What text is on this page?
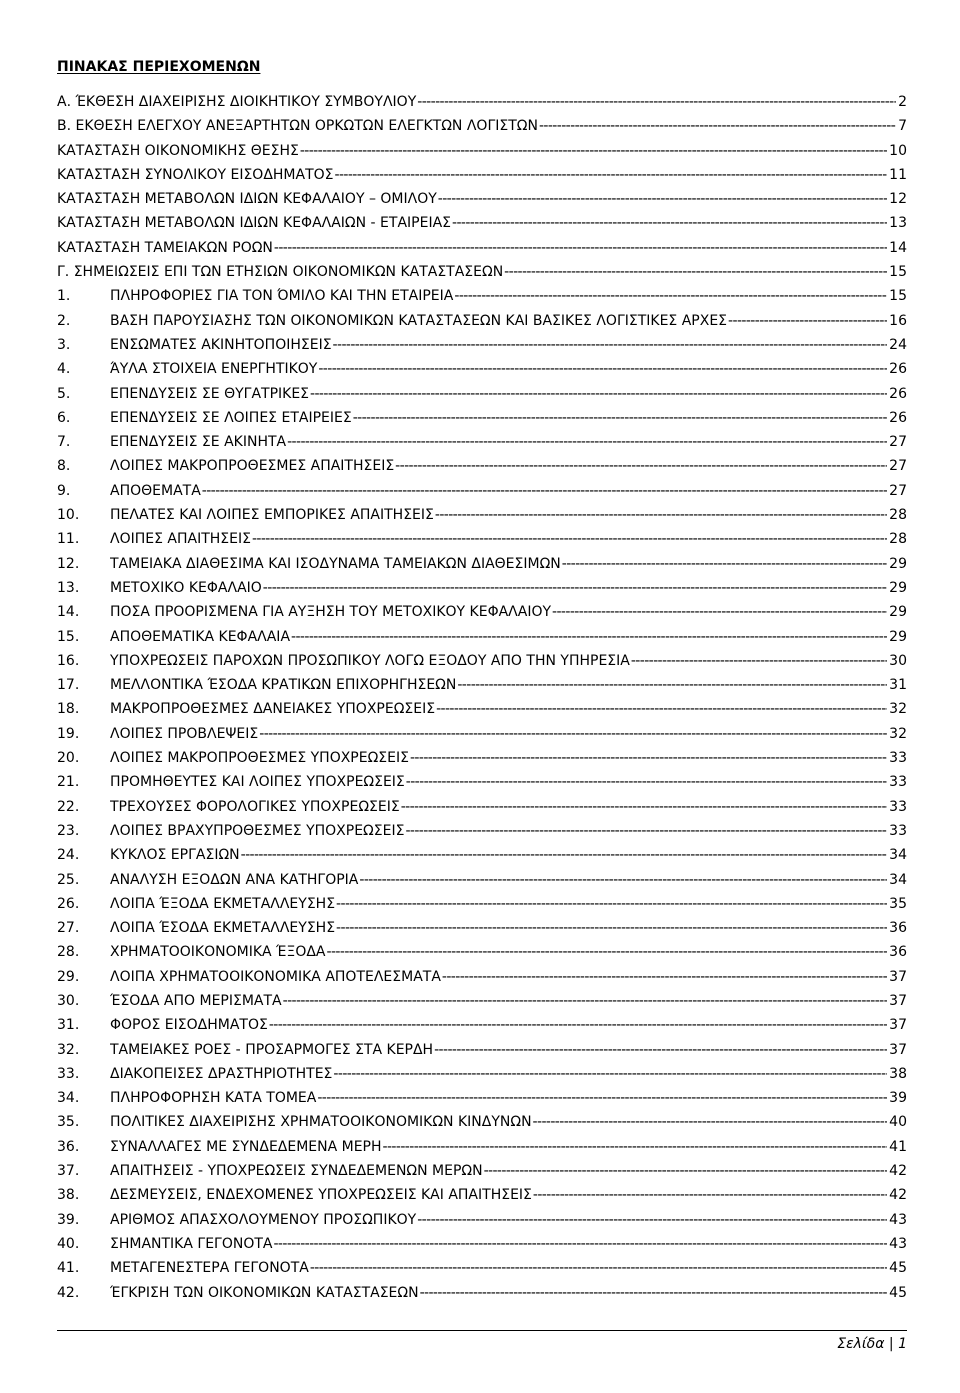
ΠΙΝΑΚΑΣ ΠΕΡΙΕΧΟΜΕΝΩΝ
Α. ΈΚΘΕΣΗ ΔΙΑΧΕΙΡΙΣΗΣ ΔΙΟΙΚΗΤΙΚΟΥ ΣΥΜΒΟΥΛΙΟΥ -----	2
Β. ΕΚΘΕΣΗ ΕΛΕΓΧΟΥ ΑΝΕΞΑΡΤΗΤΩΝ ΟΡΚΩΤΩΝ ΕΛΕΓΚΤΩΝ ΛΟΓΙΣΤΩΝ -----	7
ΚΑΤΑΣΤΑΣΗ ΟΙΚΟΝΟΜΙΚΗΣ ΘΕΣΗΣ -----	10
ΚΑΤΑΣΤΑΣΗ ΣΥΝΟΛΙΚΟΥ ΕΙΣΟΔΗΜΑΤΟΣ -----	11
ΚΑΤΑΣΤΑΣΗ ΜΕΤΑΒΟΛΩΝ ΙΔΙΩΝ ΚΕΦΑΛΑΙΟΥ – ΟΜΙΛΟΥ -----	12
ΚΑΤΑΣΤΑΣΗ ΜΕΤΑΒΟΛΩΝ ΙΔΙΩΝ ΚΕΦΑΛΑΙΩΝ - ΕΤΑΙΡΕΙΑΣ -----	13
ΚΑΤΑΣΤΑΣΗ ΤΑΜΕΙΑΚΩΝ ΡΟΩΝ -----	14
Γ. ΣΗΜΕΙΩΣΕΙΣ ΕΠΙ ΤΩΝ ΕΤΗΣΙΩΝ ΟΙΚΟΝΟΜΙΚΩΝ ΚΑΤΑΣΤΑΣΕΩΝ -----	15
1.	ΠΛΗΡΟΦΟΡΙΕΣ ΓΙΑ ΤΟΝ ΌΜΙΛΟ ΚΑΙ ΤΗΝ ΕΤΑΙΡΕΙΑ -----	15
2.	ΒΑΣΗ ΠΑΡΟΥΣΙΑΣΗΣ ΤΩΝ ΟΙΚΟΝΟΜΙΚΩΝ ΚΑΤΑΣΤΑΣΕΩΝ ΚΑΙ ΒΑΣΙΚΕΣ ΛΟΓΙΣΤΙΚΕΣ ΑΡΧΕΣ -----	16
3.	ΕΝΣΩΜΑΤΕΣ ΑΚΙΝΗΤΟΠΟΙΗΣΕΙΣ -----	24
4.	ΆΥΛΑ ΣΤΟΙΧΕΙΑ ΕΝΕΡΓΗΤΙΚΟΥ -----	26
5.	ΕΠΕΝΔΥΣΕΙΣ ΣΕ ΘΥΓΑΤΡΙΚΕΣ -----	26
6.	ΕΠΕΝΔΥΣΕΙΣ ΣΕ ΛΟΙΠΕΣ ΕΤΑΙΡΕΙΕΣ -----	26
7.	ΕΠΕΝΔΥΣΕΙΣ ΣΕ ΑΚΙΝΗΤΑ -----	27
8.	ΛΟΙΠΕΣ ΜΑΚΡΟΠΡΟΘΕΣΜΕΣ ΑΠΑΙΤΗΣΕΙΣ -----	27
9.	ΑΠΟΘΕΜΑΤΑ -----	27
10. ΠΕΛΑΤΕΣ ΚΑΙ ΛΟΙΠΕΣ ΕΜΠΟΡΙΚΕΣ ΑΠΑΙΤΗΣΕΙΣ -----	28
11. ΛΟΙΠΕΣ ΑΠΑΙΤΗΣΕΙΣ -----	28
12. ΤΑΜΕΙΑΚΑ ΔΙΑΘΕΣΙΜΑ ΚΑΙ ΙΣΟΔΥΝΑΜΑ ΤΑΜΕΙΑΚΩΝ ΔΙΑΘΕΣΙΜΩΝ -----	29
13. ΜΕΤΟΧΙΚΟ ΚΕΦΑΛΑΙΟ -----	29
14. ΠΟΣΑ ΠΡΟΟΡΙΣΜΕΝΑ ΓΙΑ ΑΥΞΗΣΗ ΤΟΥ ΜΕΤΟΧΙΚΟΥ ΚΕΦΑΛΑΙΟΥ -----	29
15. ΑΠΟΘΕΜΑΤΙΚΑ ΚΕΦΑΛΑΙΑ -----	29
16. ΥΠΟΧΡΕΩΣΕΙΣ ΠΑΡΟΧΩΝ ΠΡΟΣΩΠΙΚΟΥ ΛΟΓΩ ΕΞΟΔΟΥ ΑΠΟ ΤΗΝ ΥΠΗΡΕΣΙΑ -----	30
17. ΜΕΛΛΟΝΤΙΚΑ ΈΣΟΔΑ ΚΡΑΤΙΚΩΝ ΕΠΙΧΟΡΗΓΗΣΕΩΝ -----	31
18. ΜΑΚΡΟΠΡΟΘΕΣΜΕΣ ΔΑΝΕΙΑΚΕΣ ΥΠΟΧΡΕΩΣΕΙΣ -----	32
19. ΛΟΙΠΕΣ ΠΡΟΒΛΕΨΕΙΣ -----	32
20. ΛΟΙΠΕΣ ΜΑΚΡΟΠΡΟΘΕΣΜΕΣ ΥΠΟΧΡΕΩΣΕΙΣ -----	33
21. ΠΡΟΜΗΘΕΥΤΕΣ ΚΑΙ ΛΟΙΠΕΣ ΥΠΟΧΡΕΩΣΕΙΣ -----	33
22. ΤΡΕΧΟΥΣΕΣ ΦΟΡΟΛΟΓΙΚΕΣ ΥΠΟΧΡΕΩΣΕΙΣ -----	33
23. ΛΟΙΠΕΣ ΒΡΑΧΥΠΡΟΘΕΣΜΕΣ ΥΠΟΧΡΕΩΣΕΙΣ -----	33
24. ΚΥΚΛΟΣ ΕΡΓΑΣΙΩΝ -----	34
25. ΑΝΑΛΥΣΗ ΕΞΟΔΩΝ ΑΝΑ ΚΑΤΗΓΟΡΙΑ -----	34
26. ΛΟΙΠΑ ΈΞΟΔΑ ΕΚΜΕΤΑΛΛΕΥΣΗΣ -----	35
27. ΛΟΙΠΑ ΈΣΟΔΑ ΕΚΜΕΤΑΛΛΕΥΣΗΣ -----	36
28. ΧΡΗΜΑΤΟΟΙΚΟΝΟΜΙΚΑ ΈΞΟΔΑ -----	36
29. ΛΟΙΠΑ ΧΡΗΜΑΤΟΟΙΚΟΝΟΜΙΚΑ ΑΠΟΤΕΛΕΣΜΑΤΑ -----	37
30. ΈΣΟΔΑ ΑΠΟ ΜΕΡΙΣΜΑΤΑ -----	37
31. ΦΟΡΟΣ ΕΙΣΟΔΗΜΑΤΟΣ -----	37
32. ΤΑΜΕΙΑΚΕΣ ΡΟΕΣ - ΠΡΟΣΑΡΜΟΓΕΣ ΣΤΑ ΚΕΡΔΗ -----	37
33. ΔΙΑΚΟΠΕΙΣΕΣ ΔΡΑΣΤΗΡΙΟΤΗΤΕΣ -----	38
34. ΠΛΗΡΟΦΟΡΗΣΗ ΚΑΤΑ ΤΟΜΕΑ -----	39
35. ΠΟΛΙΤΙΚΕΣ ΔΙΑΧΕΙΡΙΣΗΣ ΧΡΗΜΑΤΟΟΙΚΟΝΟΜΙΚΩΝ ΚΙΝΔΥΝΩΝ -----	40
36. ΣΥΝΑΛΛΑΓΕΣ ΜΕ ΣΥΝΔΕΔΕΜΕΝΑ ΜΕΡΗ -----	41
37. ΑΠΑΙΤΗΣΕΙΣ - ΥΠΟΧΡΕΩΣΕΙΣ ΣΥΝΔΕΔΕΜΕΝΩΝ ΜΕΡΩΝ -----	42
38. ΔΕΣΜΕΥΣΕΙΣ, ΕΝΔΕΧΟΜΕΝΕΣ ΥΠΟΧΡΕΩΣΕΙΣ ΚΑΙ ΑΠΑΙΤΗΣΕΙΣ -----	42
39. ΑΡΙΘΜΟΣ ΑΠΑΣΧΟΛΟΥΜΕΝΟΥ ΠΡΟΣΩΠΙΚΟΥ -----	43
40. ΣΗΜΑΝΤΙΚΑ ΓΕΓΟΝΟΤΑ -----	43
41. ΜΕΤΑΓΕΝΕΣΤΕΡΑ ΓΕΓΟΝΟΤΑ -----	45
42. ΈΓΚΡΙΣΗ ΤΩΝ ΟΙΚΟΝΟΜΙΚΩΝ ΚΑΤΑΣΤΑΣΕΩΝ -----	45
Σελίδα | 1
